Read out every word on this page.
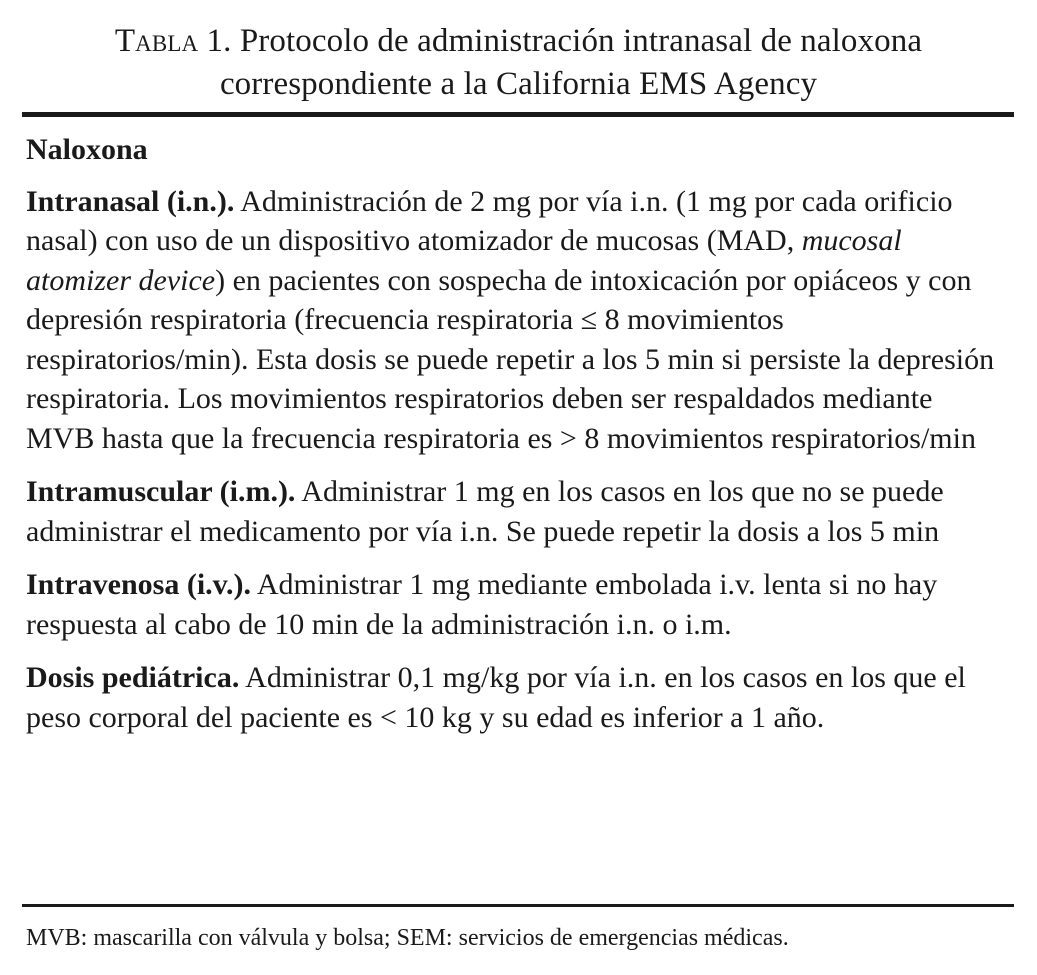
Tabla 1. Protocolo de administración intranasal de naloxona
correspondiente a la California EMS Agency

Naloxona

Intranasal (i.n.). Administración de 2 mg por vía i.n. (1 mg por cada orificio nasal) con uso de un dispositivo atomizador de mucosas (MAD, mucosal atomizer device) en pacientes con sospecha de intoxicación por opiáceos y con depresión respiratoria (frecuencia respiratoria ≤ 8 movimientos respiratorios/min). Esta dosis se puede repetir a los 5 min si persiste la depresión respiratoria. Los movimientos respiratorios deben ser respaldados mediante MVB hasta que la frecuencia respiratoria es > 8 movimientos respiratorios/min

Intramuscular (i.m.). Administrar 1 mg en los casos en los que no se puede administrar el medicamento por vía i.n. Se puede repetir la dosis a los 5 min

Intravenosa (i.v.). Administrar 1 mg mediante embolada i.v. lenta si no hay respuesta al cabo de 10 min de la administración i.n. o i.m.

Dosis pediátrica. Administrar 0,1 mg/kg por vía i.n. en los casos en los que el peso corporal del paciente es < 10 kg y su edad es inferior a 1 año.

MVB: mascarilla con válvula y bolsa; SEM: servicios de emergencias médicas.
